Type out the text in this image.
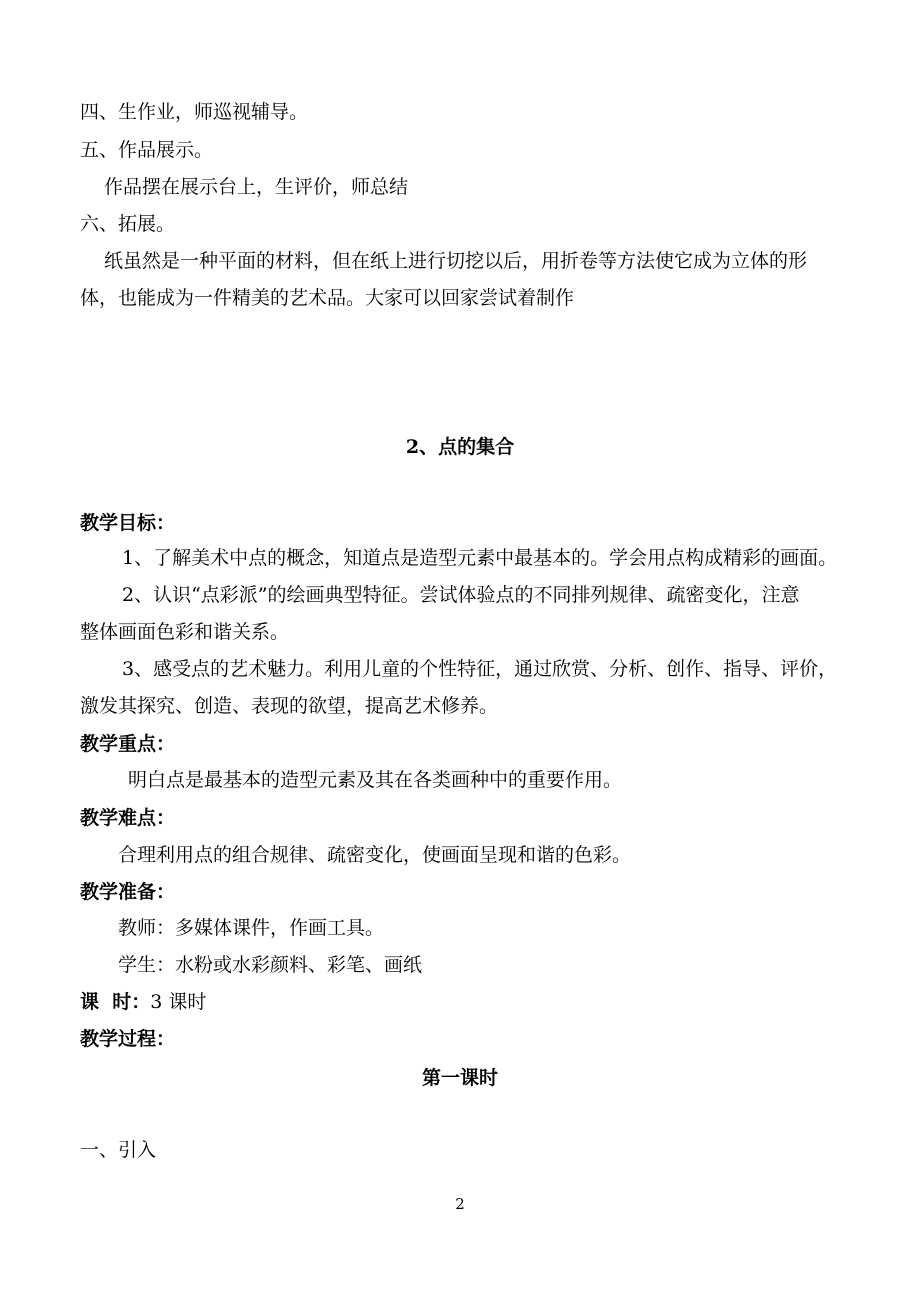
四、生作业，师巡视辅导。
五、作品展示。
作品摆在展示台上，生评价，师总结
六、拓展。
纸虽然是一种平面的材料，但在纸上进行切挖以后，用折卷等方法使它成为立体的形
体，也能成为一件精美的艺术品。大家可以回家尝试着制作
2、点的集合
教学目标：
1、了解美术中点的概念，知道点是造型元素中最基本的。学会用点构成精彩的画面。
2、认识“点彩派”的绘画典型特征。尝试体验点的不同排列规律、疏密变化，注意
整体画面色彩和谐关系。
3、感受点的艺术魅力。利用儿童的个性特征，通过欣赏、分析、创作、指导、评价，
激发其探究、创造、表现的欲望，提高艺术修养。
教学重点：
明白点是最基本的造型元素及其在各类画种中的重要作用。
教学难点：
合理利用点的组合规律、疏密变化，使画面呈现和谐的色彩。
教学准备：
教师：多媒体课件，作画工具。
学生：水粉或水彩颜料、彩笔、画纸
课  时：3 课时
教学过程：
第一课时
一、引入
2
